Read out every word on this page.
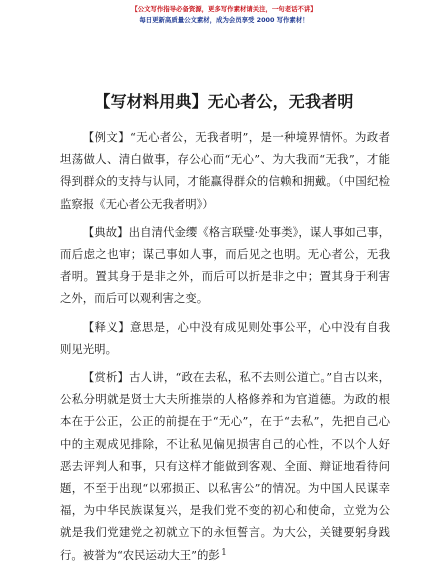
【公文写作指导必备资源，更多写作素材请关注，一句老话不讲】
每日更新高质量公文素材，成为会员享受 2000 写作素材！
【写材料用典】无心者公，无我者明

【例文】“无心者公，无我者明”，是一种境界情怀。为政者坦荡做人、清白做事，存公心而“无心”、为大我而“无我”，才能得到群众的支持与认同，才能赢得群众的信赖和拥戴。（中国纪检监察报《无心者公无我者明》）

【典故】出自清代金缨《格言联璧·处事类》，谋人事如己事，而后虑之也审；谋己事如人事，而后见之也明。无心者公，无我者明。置其身于是非之外，而后可以折是非之中；置其身于利害之外，而后可以观利害之变。

【释义】意思是，心中没有成见则处事公平，心中没有自我则见光明。

【赏析】古人讲，“政在去私，私不去则公道亡。”自古以来，公私分明就是贤士大夫所推崇的人格修养和为官道德。为政的根本在于公正，公正的前提在于“无心”，在于“去私”，先把自己心中的主观成见排除，不让私见偏见损害自己的心性，不以个人好恶去评判人和事，只有这样才能做到客观、全面、辩证地看待问题，不至于出现“以邪损正、以私害公”的情况。为中国人民谋幸福，为中华民族谋复兴，是我们党不变的初心和使命，立党为公就是我们党建党之初就立下的永恒誓言。为大公，关键要躬身践行。被誉为“农民运动大王”的彭 1
